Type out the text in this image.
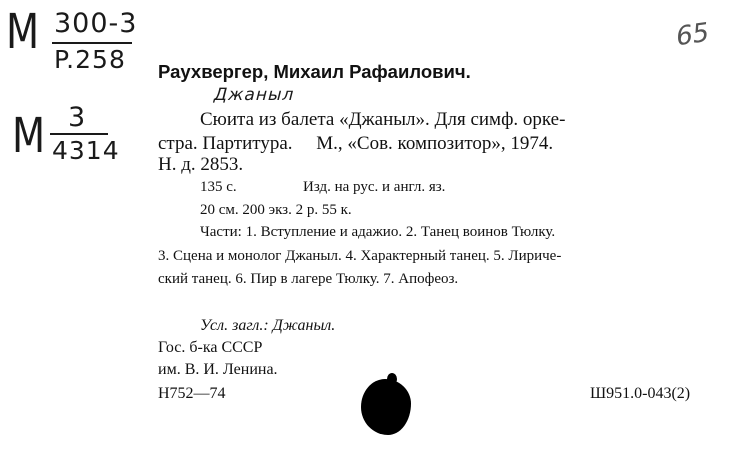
M 300-3
P.258
M 3
4314
65
Раухвергер, Михаил Рафаилович.
Джаныл
Сюита из балета «Джаныл». Для симф. орке-
стра. Партитура.     М., «Сов. композитор», 1974.
Н. д. 2853.
135 с.	Изд. на рус. и англ. яз.
20 см. 200 экз. 2 р. 55 к.
Части: 1. Вступление и адажио. 2. Танец воинов Тюлку.
3. Сцена и монолог Джаныл. 4. Характерный танец. 5. Лириче-
ский танец. 6. Пир в лагере Тюлку. 7. Апофеоз.
Усл. загл.: Джаныл.
Гос. б-ка СССР
им. В. И. Ленина.
Н752—74	Ш951.0-043(2)
